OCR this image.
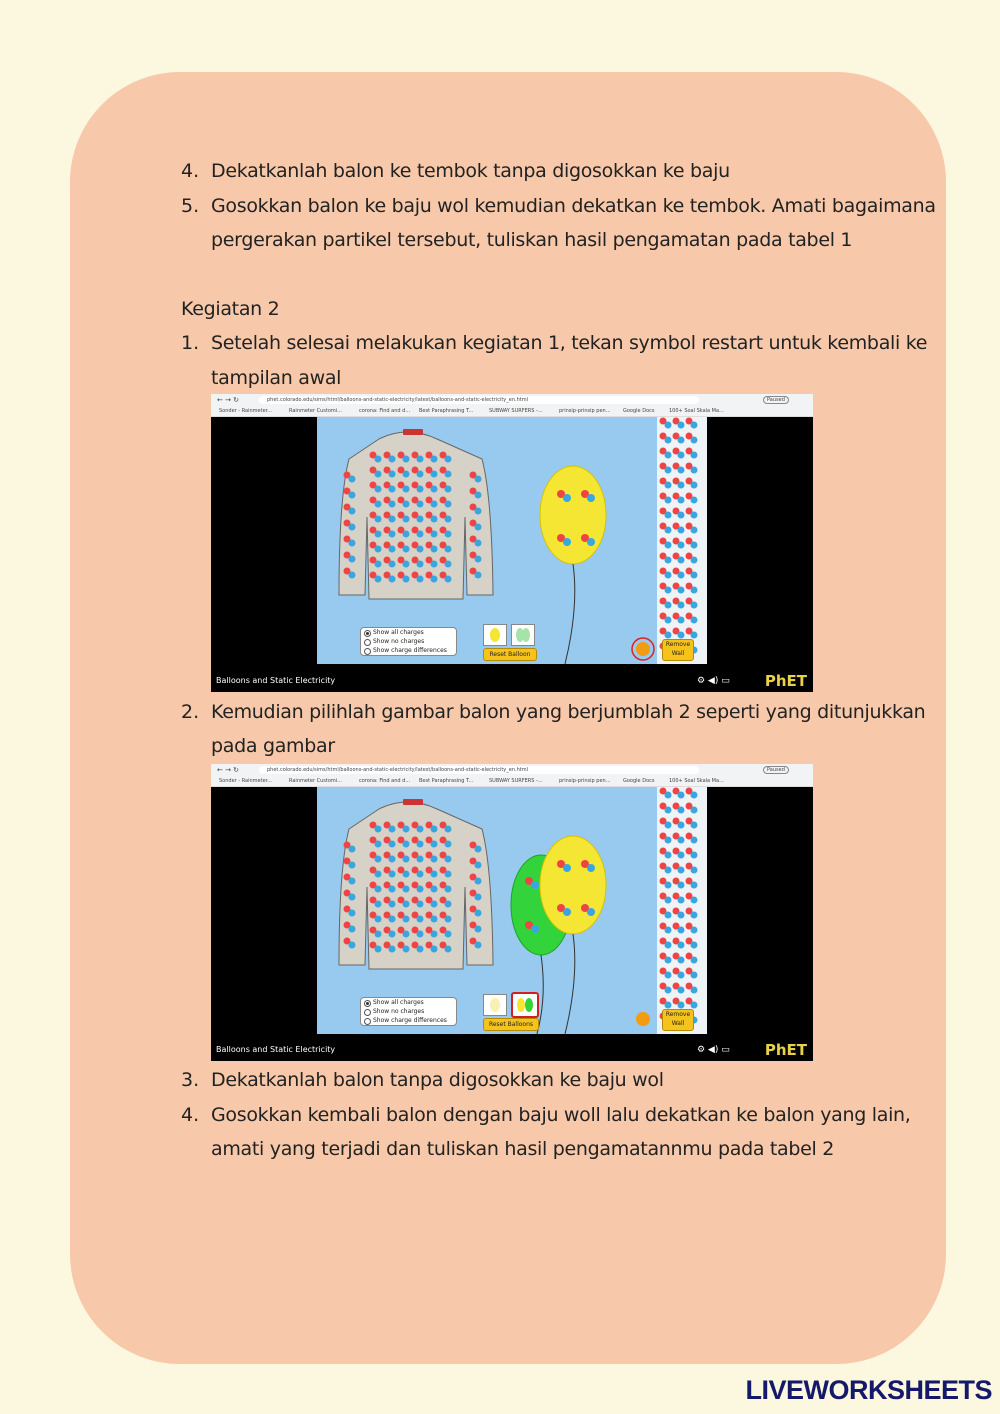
4. Dekatkanlah balon ke tembok tanpa digosokkan ke baju
5. Gosokkan balon ke baju wol kemudian dekatkan ke tembok. Amati bagaimana
pergerakan partikel tersebut, tuliskan hasil pengamatan pada tabel 1
Kegiatan 2
1. Setelah selesai melakukan kegiatan 1, tekan symbol restart untuk kembali ke
tampilan awal
← → ↻	phet.colorado.edu/sims/html/balloons-and-static-electricity/latest/balloons-and-static-electricity_en.html	Paused
Sonder - Rainmeter...	Rainmeter Customi...	corona: Find and d... Best Paraphrasing T...	SUBWAY SURFERS -...	prinsip-prinsip pen...	Google Docs	100+ Soal Skala Ma...
Show all charges
Show no charges
Show charge differences
Reset Balloon
Remove
Wall
Balloons and Static Electricity	⚙ ◀) ▭ PhET
2. Kemudian pilihlah gambar balon yang berjumblah 2 seperti yang ditunjukkan
pada gambar
← → ↻	phet.colorado.edu/sims/html/balloons-and-static-electricity/latest/balloons-and-static-electricity_en.html	Paused
Sonder - Rainmeter...	Rainmeter Customi...	corona: Find and d... Best Paraphrasing T...	SUBWAY SURFERS -...	prinsip-prinsip pen...	Google Docs	100+ Soal Skala Ma...
Show all charges
Show no charges
Show charge differences
Reset Balloons
Remove
Wall
Balloons and Static Electricity	⚙ ◀) ▭ PhET
3. Dekatkanlah balon tanpa digosokkan ke baju wol
4. Gosokkan kembali balon dengan baju woll lalu dekatkan ke balon yang lain,
amati yang terjadi dan tuliskan hasil pengamatannmu pada tabel 2
LIVEWORKSHEETS
